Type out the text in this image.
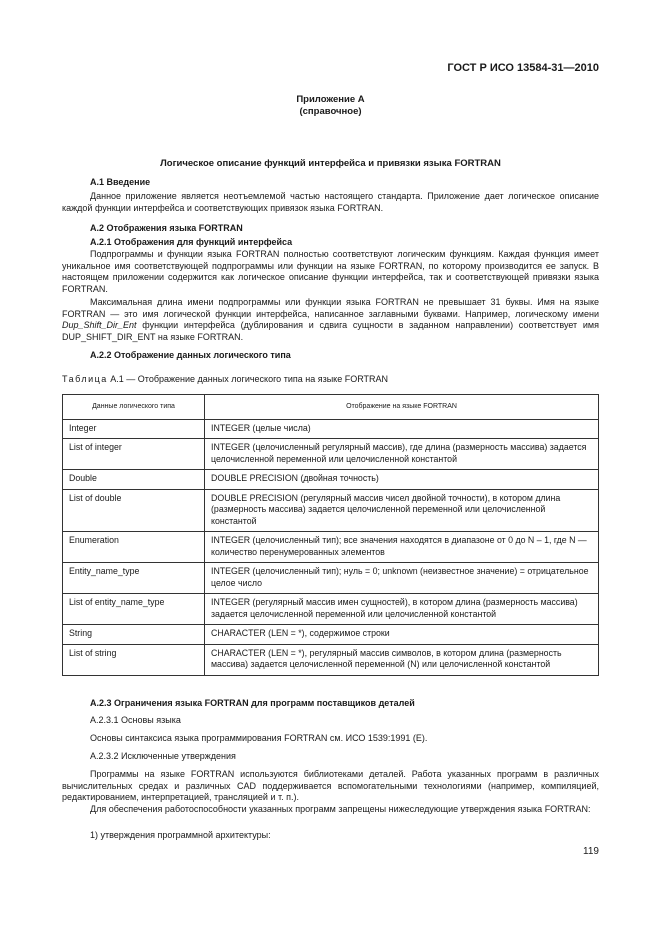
ГОСТ Р ИСО 13584-31—2010
Приложение А
(справочное)
Логическое описание функций интерфейса и привязки языка FORTRAN
А.1 Введение
Данное приложение является неотъемлемой частью настоящего стандарта. Приложение дает логическое описание каждой функции интерфейса и соответствующих привязок языка FORTRAN.
А.2 Отображения языка FORTRAN
А.2.1 Отображения для функций интерфейса
Подпрограммы и функции языка FORTRAN полностью соответствуют логическим функциям. Каждая функция имеет уникальное имя соответствующей подпрограммы или функции на языке FORTRAN, по которому производится ее запуск. В настоящем приложении содержится как логическое описание функции интерфейса, так и соответствующей привязки языка FORTRAN.
Максимальная длина имени подпрограммы или функции языка FORTRAN не превышает 31 буквы. Имя на языке FORTRAN — это имя логической функции интерфейса, написанное заглавными буквами. Например, логическому имени Dup_Shift_Dir_Ent функции интерфейса (дублирования и сдвига сущности в заданном направлении) соответствует имя DUP_SHIFT_DIR_ENT на языке FORTRAN.
А.2.2 Отображение данных логического типа
Таблица А.1 — Отображение данных логического типа на языке FORTRAN
Данные логического типа	Отображение на языке FORTRAN
Integer	INTEGER (целые числа)
List of integer	INTEGER (целочисленный регулярный массив), где длина (размерность массива) задается целочисленной переменной или целочисленной константой
Double	DOUBLE PRECISION (двойная точность)
List of double	DOUBLE PRECISION (регулярный массив чисел двойной точности), в котором длина (размерность массива) задается целочисленной переменной или целочисленной константой
Enumeration	INTEGER (целочисленный тип); все значения находятся в диапазоне от 0 до N – 1, где N — количество перенумерованных элементов
Entity_name_type	INTEGER (целочисленный тип); нуль = 0; unknown (неизвестное значение) = отрицательное целое число
List of entity_name_type	INTEGER (регулярный массив имен сущностей), в котором длина (размерность массива) задается целочисленной переменной или целочисленной константой
String	CHARACTER (LEN = *), содержимое строки
List of string	CHARACTER (LEN = *), регулярный массив символов, в котором длина (размерность массива) задается целочисленной переменной (N) или целочисленной константой
А.2.3 Ограничения языка FORTRAN для программ поставщиков деталей
А.2.3.1 Основы языка
Основы синтаксиса языка программирования FORTRAN см. ИСО 1539:1991 (E).
А.2.3.2 Исключенные утверждения
Программы на языке FORTRAN используются библиотеками деталей. Работа указанных программ в различных вычислительных средах и различных CAD поддерживается вспомогательными технологиями (например, компиляцией, редактированием, интерпретацией, трансляцией и т. п.).
Для обеспечения работоспособности указанных программ запрещены нижеследующие утверждения языка FORTRAN:
1) утверждения программной архитектуры:
119
